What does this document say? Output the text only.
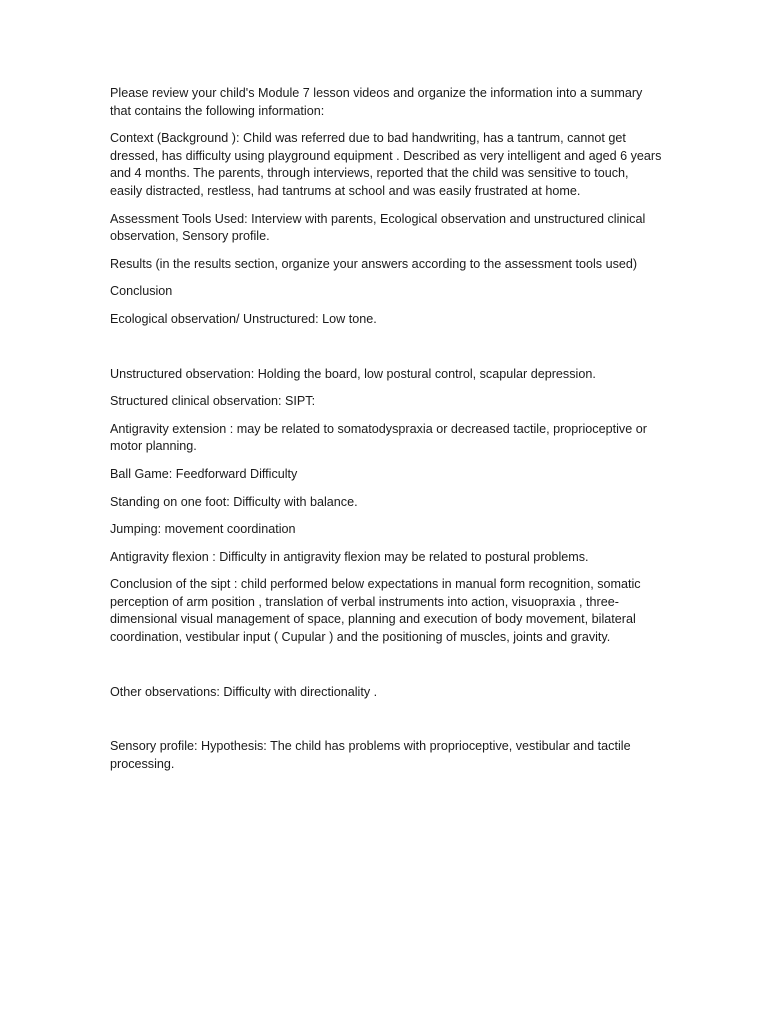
Please review your child's Module 7 lesson videos and organize the information into a summary that contains the following information:

Context (Background ): Child was referred due to bad handwriting, has a tantrum, cannot get dressed, has difficulty using playground equipment . Described as very intelligent and aged 6 years and 4 months. The parents, through interviews, reported that the child was sensitive to touch, easily distracted, restless, had tantrums at school and was easily frustrated at home.

Assessment Tools Used: Interview with parents, Ecological observation and unstructured clinical observation, Sensory profile.

Results (in the results section, organize your answers according to the assessment tools used)

Conclusion

Ecological observation/ Unstructured: Low tone.

Unstructured observation: Holding the board, low postural control, scapular depression.

Structured clinical observation: SIPT:

Antigravity extension : may be related to somatodyspraxia or decreased tactile, proprioceptive or motor planning.

Ball Game: Feedforward Difficulty

Standing on one foot: Difficulty with balance.

Jumping: movement coordination

Antigravity flexion : Difficulty in antigravity flexion may be related to postural problems.

Conclusion of the sipt : child performed below expectations in manual form recognition, somatic perception of arm position , translation of verbal instruments into action, visuopraxia , three-dimensional visual management of space, planning and execution of body movement, bilateral coordination, vestibular input ( Cupular ) and the positioning of muscles, joints and gravity.

Other observations: Difficulty with directionality .

Sensory profile: Hypothesis: The child has problems with proprioceptive, vestibular and tactile processing.
